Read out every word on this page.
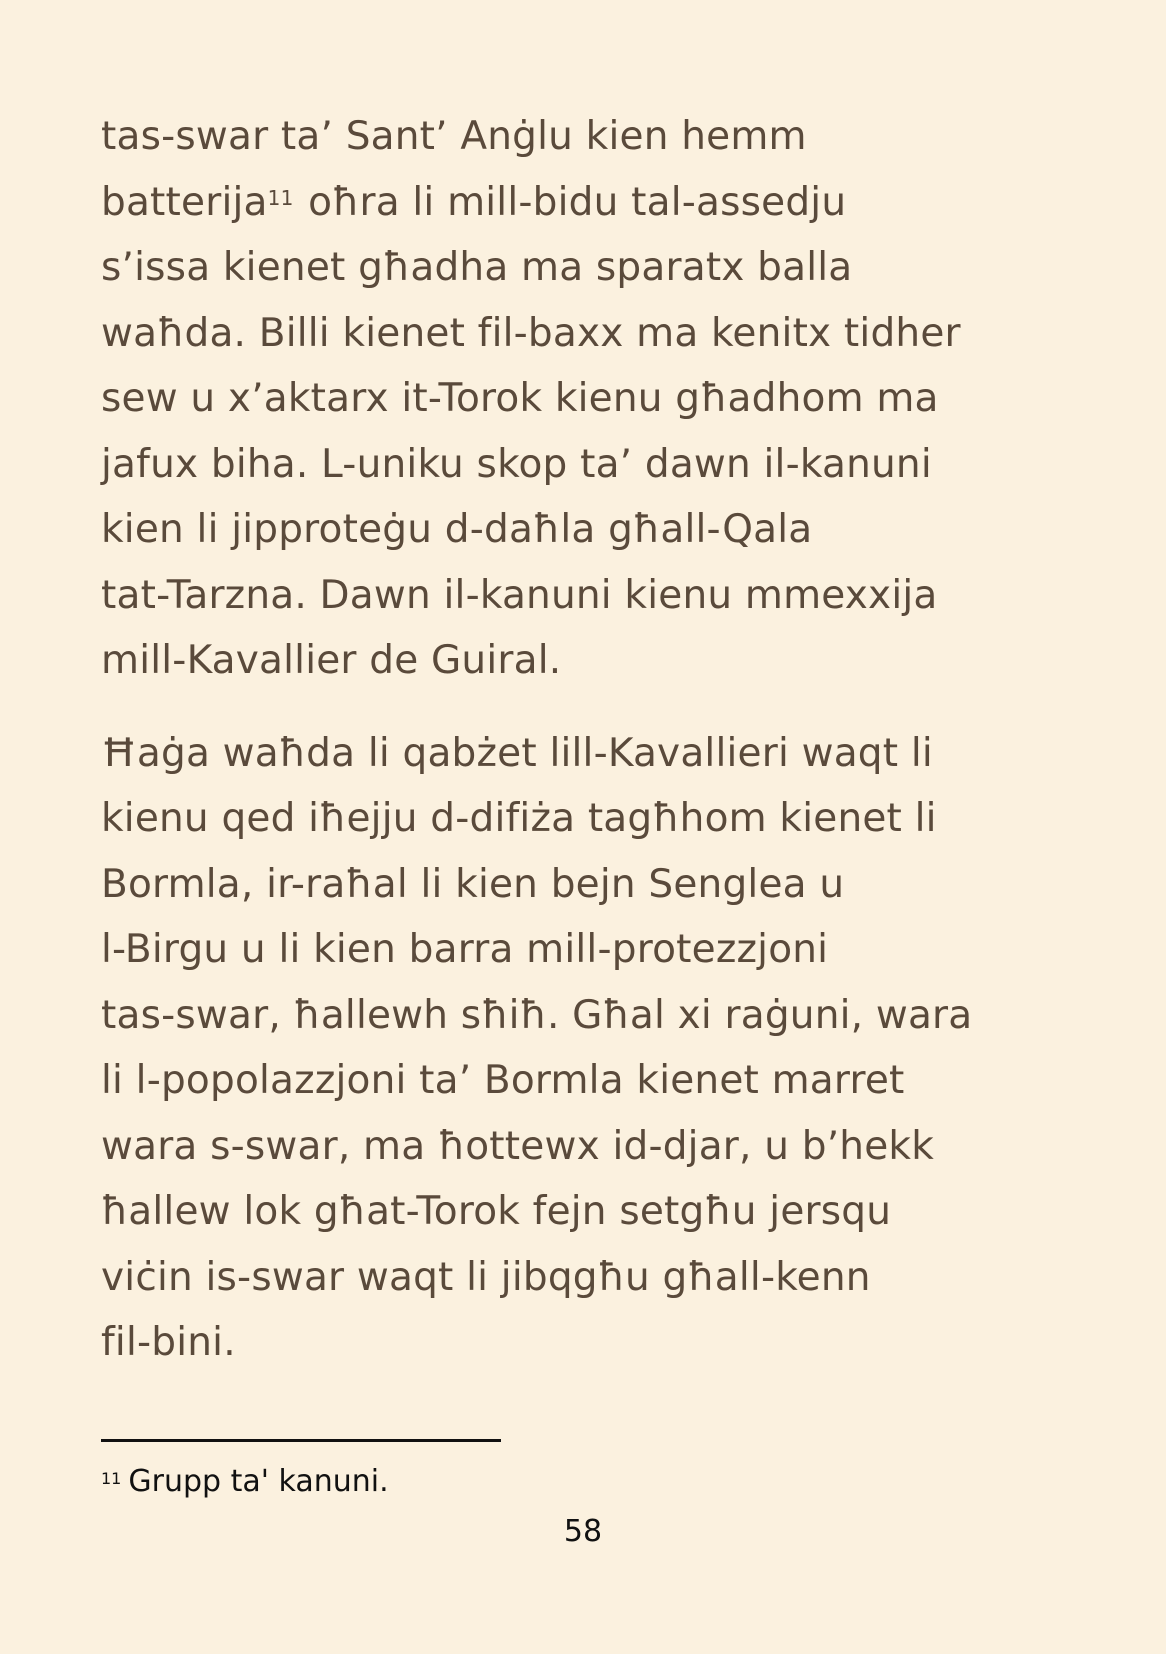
tas-swar ta’ Sant’ Anġlu kien hemm
batterija$^{11}$ oħra li mill-bidu tal-assedju
s’issa kienet għadha ma sparatx balla
waħda. Billi kienet fil-baxx ma kenitx tidher
sew u x’aktarx it-Torok kienu għadhom ma
jafux biha. L-uniku skop ta’ dawn il-kanuni
kien li jipproteġu d-daħla għall-Qala
tat-Tarzna. Dawn il-kanuni kienu mmexxija
mill-Kavallier de Guiral.

Ħaġa waħda li qabżet lill-Kavallieri waqt li
kienu qed iħejju d-difiża tagħhom kienet li
Bormla, ir-raħal li kien bejn Senglea u
l-Birgu u li kien barra mill-protezzjoni
tas-swar, ħallewh sħiħ. Għal xi raġuni, wara
li l-popolazzjoni ta’ Bormla kienet marret
wara s-swar, ma ħottewx id-djar, u b’hekk
ħallew lok għat-Torok fejn setgħu jersqu
viċin is-swar waqt li jibqgħu għall-kenn
fil-bini.

$^{11}$ Grupp ta' kanuni.
58
